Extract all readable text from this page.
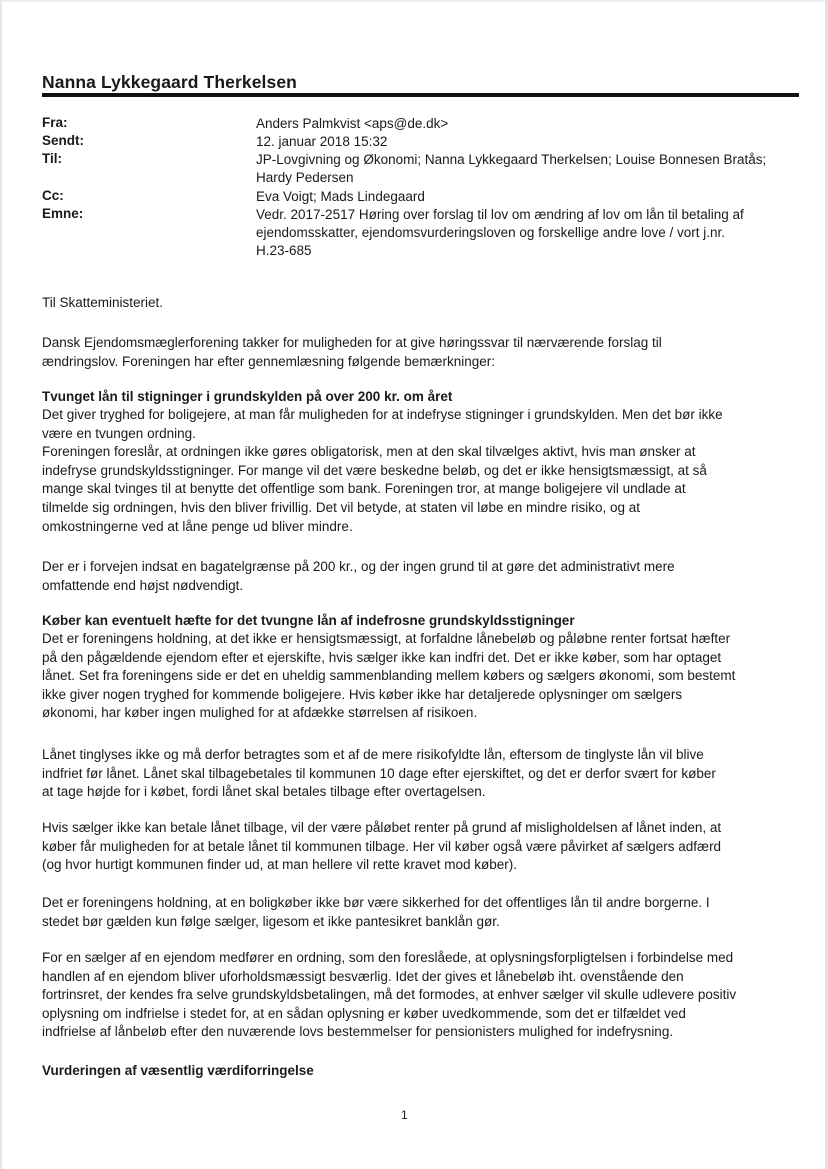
Nanna Lykkegaard Therkelsen
Fra:	Anders Palmkvist <aps@de.dk>
Sendt:	12. januar 2018 15:32
Til:	JP-Lovgivning og Økonomi; Nanna Lykkegaard Therkelsen; Louise Bonnesen Bratås;
Hardy Pedersen
Cc:	Eva Voigt; Mads Lindegaard
Emne:	Vedr. 2017-2517 Høring over forslag til lov om ændring af lov om lån til betaling af
ejendomsskatter, ejendomsvurderingsloven og forskellige andre love / vort j.nr.
H.23-685
Til Skatteministeriet.
Dansk Ejendomsmæglerforening takker for muligheden for at give høringssvar til nærværende forslag til
ændringslov. Foreningen har efter gennemlæsning følgende bemærkninger:
Tvunget lån til stigninger i grundskylden på over 200 kr. om året
Det giver tryghed for boligejere, at man får muligheden for at indefryse stigninger i grundskylden. Men det bør ikke
være en tvungen ordning.
Foreningen foreslår, at ordningen ikke gøres obligatorisk, men at den skal tilvælges aktivt, hvis man ønsker at
indefryse grundskyldsstigninger. For mange vil det være beskedne beløb, og det er ikke hensigtsmæssigt, at så
mange skal tvinges til at benytte det offentlige som bank. Foreningen tror, at mange boligejere vil undlade at
tilmelde sig ordningen, hvis den bliver frivillig. Det vil betyde, at staten vil løbe en mindre risiko, og at
omkostningerne ved at låne penge ud bliver mindre.
Der er i forvejen indsat en bagatelgrænse på 200 kr., og der ingen grund til at gøre det administrativt mere
omfattende end højst nødvendigt.
Køber kan eventuelt hæfte for det tvungne lån af indefrosne grundskyldsstigninger
Det er foreningens holdning, at det ikke er hensigtsmæssigt, at forfaldne lånebeløb og påløbne renter fortsat hæfter
på den pågældende ejendom efter et ejerskifte, hvis sælger ikke kan indfri det. Det er ikke køber, som har optaget
lånet. Set fra foreningens side er det en uheldig sammenblanding mellem købers og sælgers økonomi, som bestemt
ikke giver nogen tryghed for kommende boligejere. Hvis køber ikke har detaljerede oplysninger om sælgers
økonomi, har køber ingen mulighed for at afdække størrelsen af risikoen.
Lånet tinglyses ikke og må derfor betragtes som et af de mere risikofyldte lån, eftersom de tinglyste lån vil blive
indfriet før lånet. Lånet skal tilbagebetales til kommunen 10 dage efter ejerskiftet, og det er derfor svært for køber
at tage højde for i købet, fordi lånet skal betales tilbage efter overtagelsen.
Hvis sælger ikke kan betale lånet tilbage, vil der være påløbet renter på grund af misligholdelsen af lånet inden, at
køber får muligheden for at betale lånet til kommunen tilbage. Her vil køber også være påvirket af sælgers adfærd
(og hvor hurtigt kommunen finder ud, at man hellere vil rette kravet mod køber).
Det er foreningens holdning, at en boligkøber ikke bør være sikkerhed for det offentliges lån til andre borgerne. I
stedet bør gælden kun følge sælger, ligesom et ikke pantesikret banklån gør.
For en sælger af en ejendom medfører en ordning, som den foreslåede, at oplysningsforpligtelsen i forbindelse med
handlen af en ejendom bliver uforholdsmæssigt besværlig. Idet der gives et lånebeløb iht. ovenstående den
fortrinsret, der kendes fra selve grundskyldsbetalingen, må det formodes, at enhver sælger vil skulle udlevere positiv
oplysning om indfrielse i stedet for, at en sådan oplysning er køber uvedkommende, som det er tilfældet ved
indfrielse af lånbeløb efter den nuværende lovs bestemmelser for pensionisters mulighed for indefrysning.
Vurderingen af væsentlig værdiforringelse
1
